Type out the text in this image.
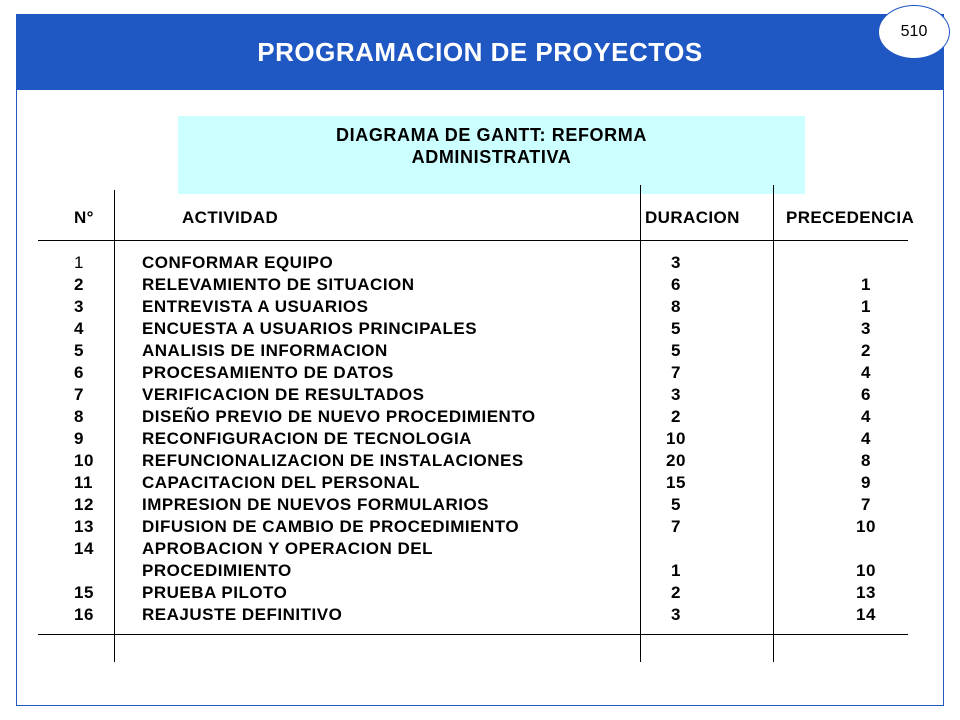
PROGRAMACION DE PROYECTOS
510
DIAGRAMA DE GANTT: REFORMA
ADMINISTRATIVA
N°	ACTIVIDAD	DURACION	PRECEDENCIA
1	CONFORMAR EQUIPO	3
2	RELEVAMIENTO DE SITUACION	6	1
3	ENTREVISTA A USUARIOS	8	1
4	ENCUESTA A USUARIOS PRINCIPALES	5	3
5	ANALISIS DE INFORMACION	5	2
6	PROCESAMIENTO DE DATOS	7	4
7	VERIFICACION DE RESULTADOS	3	6
8	DISEÑO PREVIO DE NUEVO PROCEDIMIENTO	2	4
9	RECONFIGURACION DE TECNOLOGIA	10	4
10	REFUNCIONALIZACION DE INSTALACIONES	20	8
11	CAPACITACION DEL PERSONAL	15	9
12	IMPRESION DE NUEVOS FORMULARIOS	5	7
13	DIFUSION DE CAMBIO DE PROCEDIMIENTO	7	10
14	APROBACION Y OPERACION DEL
PROCEDIMIENTO	1	10
15	PRUEBA PILOTO	2	13
16	REAJUSTE DEFINITIVO	3	14
